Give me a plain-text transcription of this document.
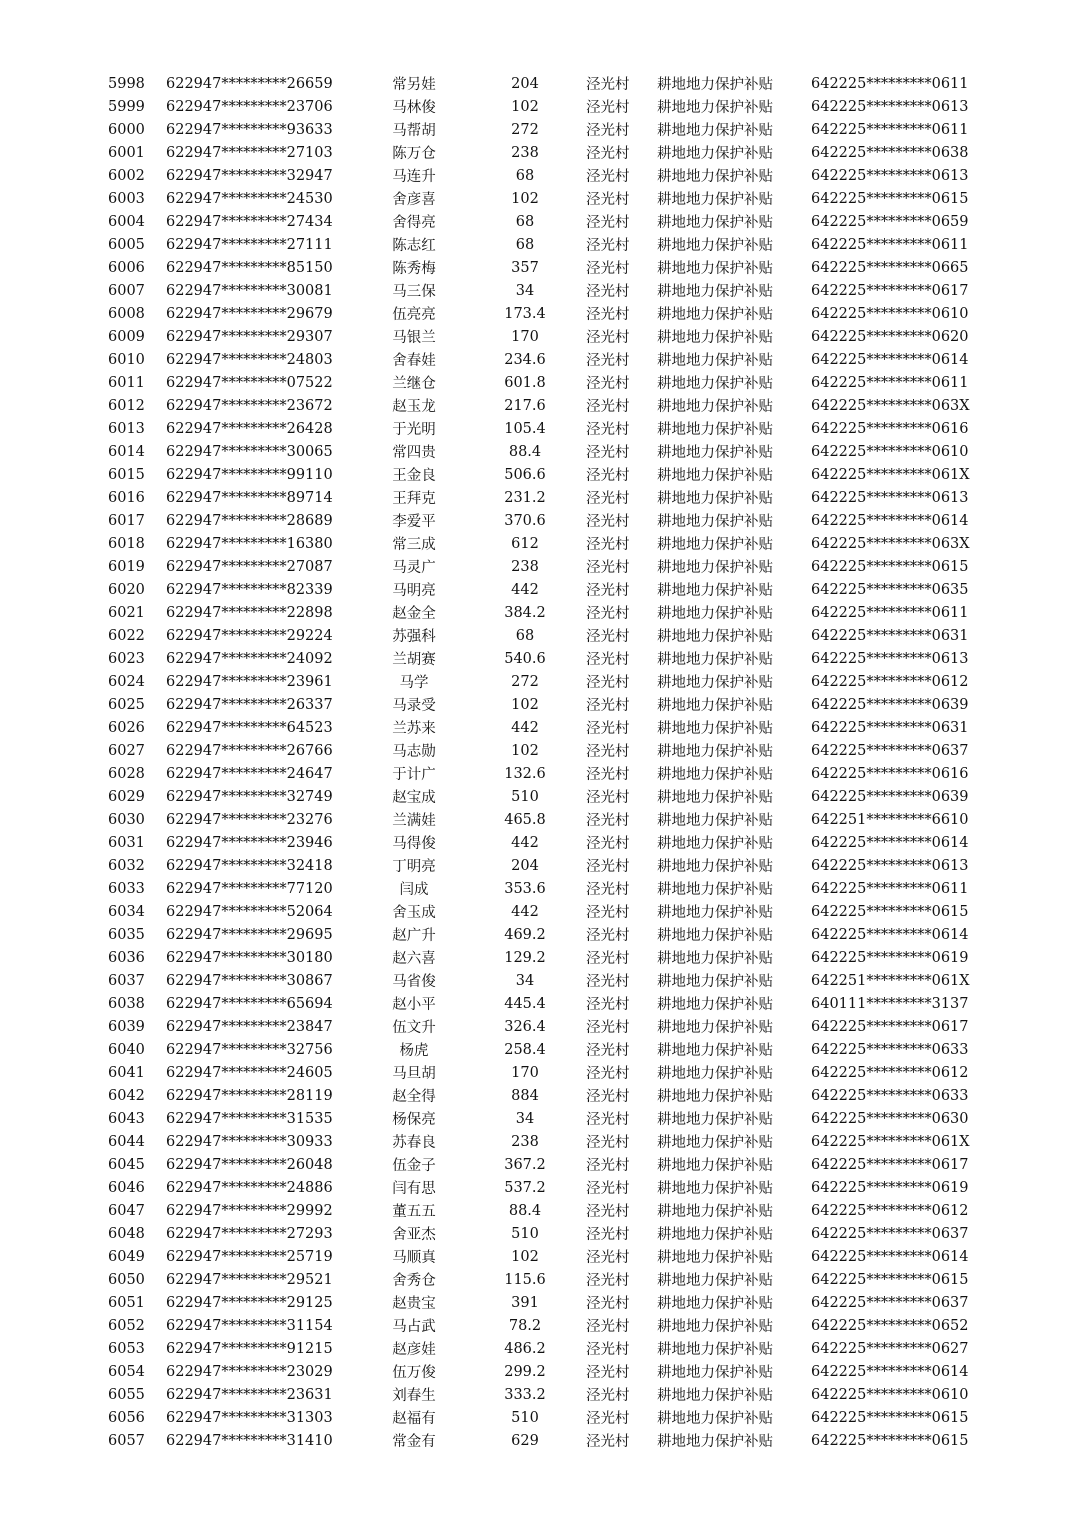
5998	622947*********26659	常另娃	204	泾光村	耕地地力保护补贴	642225*********0611
5999	622947*********23706	马林俊	102	泾光村	耕地地力保护补贴	642225*********0613
6000	622947*********93633	马帮胡	272	泾光村	耕地地力保护补贴	642225*********0611
6001	622947*********27103	陈万仓	238	泾光村	耕地地力保护补贴	642225*********0638
6002	622947*********32947	马连升	68	泾光村	耕地地力保护补贴	642225*********0613
6003	622947*********24530	舍彦喜	102	泾光村	耕地地力保护补贴	642225*********0615
6004	622947*********27434	舍得亮	68	泾光村	耕地地力保护补贴	642225*********0659
6005	622947*********27111	陈志红	68	泾光村	耕地地力保护补贴	642225*********0611
6006	622947*********85150	陈秀梅	357	泾光村	耕地地力保护补贴	642225*********0665
6007	622947*********30081	马三保	34	泾光村	耕地地力保护补贴	642225*********0617
6008	622947*********29679	伍亮亮	173.4	泾光村	耕地地力保护补贴	642225*********0610
6009	622947*********29307	马银兰	170	泾光村	耕地地力保护补贴	642225*********0620
6010	622947*********24803	舍春娃	234.6	泾光村	耕地地力保护补贴	642225*********0614
6011	622947*********07522	兰继仓	601.8	泾光村	耕地地力保护补贴	642225*********0611
6012	622947*********23672	赵玉龙	217.6	泾光村	耕地地力保护补贴	642225*********063X
6013	622947*********26428	于光明	105.4	泾光村	耕地地力保护补贴	642225*********0616
6014	622947*********30065	常四贵	88.4	泾光村	耕地地力保护补贴	642225*********0610
6015	622947*********99110	王金良	506.6	泾光村	耕地地力保护补贴	642225*********061X
6016	622947*********89714	王拜克	231.2	泾光村	耕地地力保护补贴	642225*********0613
6017	622947*********28689	李爱平	370.6	泾光村	耕地地力保护补贴	642225*********0614
6018	622947*********16380	常三成	612	泾光村	耕地地力保护补贴	642225*********063X
6019	622947*********27087	马灵广	238	泾光村	耕地地力保护补贴	642225*********0615
6020	622947*********82339	马明亮	442	泾光村	耕地地力保护补贴	642225*********0635
6021	622947*********22898	赵金全	384.2	泾光村	耕地地力保护补贴	642225*********0611
6022	622947*********29224	苏强科	68	泾光村	耕地地力保护补贴	642225*********0631
6023	622947*********24092	兰胡赛	540.6	泾光村	耕地地力保护补贴	642225*********0613
6024	622947*********23961	马学	272	泾光村	耕地地力保护补贴	642225*********0612
6025	622947*********26337	马录受	102	泾光村	耕地地力保护补贴	642225*********0639
6026	622947*********64523	兰苏来	442	泾光村	耕地地力保护补贴	642225*********0631
6027	622947*********26766	马志勋	102	泾光村	耕地地力保护补贴	642225*********0637
6028	622947*********24647	于计广	132.6	泾光村	耕地地力保护补贴	642225*********0616
6029	622947*********32749	赵宝成	510	泾光村	耕地地力保护补贴	642225*********0639
6030	622947*********23276	兰满娃	465.8	泾光村	耕地地力保护补贴	642251*********6610
6031	622947*********23946	马得俊	442	泾光村	耕地地力保护补贴	642225*********0614
6032	622947*********32418	丁明亮	204	泾光村	耕地地力保护补贴	642225*********0613
6033	622947*********77120	闫成	353.6	泾光村	耕地地力保护补贴	642225*********0611
6034	622947*********52064	舍玉成	442	泾光村	耕地地力保护补贴	642225*********0615
6035	622947*********29695	赵广升	469.2	泾光村	耕地地力保护补贴	642225*********0614
6036	622947*********30180	赵六喜	129.2	泾光村	耕地地力保护补贴	642225*********0619
6037	622947*********30867	马省俊	34	泾光村	耕地地力保护补贴	642251*********061X
6038	622947*********65694	赵小平	445.4	泾光村	耕地地力保护补贴	640111*********3137
6039	622947*********23847	伍文升	326.4	泾光村	耕地地力保护补贴	642225*********0617
6040	622947*********32756	杨虎	258.4	泾光村	耕地地力保护补贴	642225*********0633
6041	622947*********24605	马旦胡	170	泾光村	耕地地力保护补贴	642225*********0612
6042	622947*********28119	赵全得	884	泾光村	耕地地力保护补贴	642225*********0633
6043	622947*********31535	杨保亮	34	泾光村	耕地地力保护补贴	642225*********0630
6044	622947*********30933	苏春良	238	泾光村	耕地地力保护补贴	642225*********061X
6045	622947*********26048	伍金子	367.2	泾光村	耕地地力保护补贴	642225*********0617
6046	622947*********24886	闫有思	537.2	泾光村	耕地地力保护补贴	642225*********0619
6047	622947*********29992	董五五	88.4	泾光村	耕地地力保护补贴	642225*********0612
6048	622947*********27293	舍亚杰	510	泾光村	耕地地力保护补贴	642225*********0637
6049	622947*********25719	马顺真	102	泾光村	耕地地力保护补贴	642225*********0614
6050	622947*********29521	舍秀仓	115.6	泾光村	耕地地力保护补贴	642225*********0615
6051	622947*********29125	赵贵宝	391	泾光村	耕地地力保护补贴	642225*********0637
6052	622947*********31154	马占武	78.2	泾光村	耕地地力保护补贴	642225*********0652
6053	622947*********91215	赵彦娃	486.2	泾光村	耕地地力保护补贴	642225*********0627
6054	622947*********23029	伍万俊	299.2	泾光村	耕地地力保护补贴	642225*********0614
6055	622947*********23631	刘春生	333.2	泾光村	耕地地力保护补贴	642225*********0610
6056	622947*********31303	赵福有	510	泾光村	耕地地力保护补贴	642225*********0615
6057	622947*********31410	常金有	629	泾光村	耕地地力保护补贴	642225*********0615
